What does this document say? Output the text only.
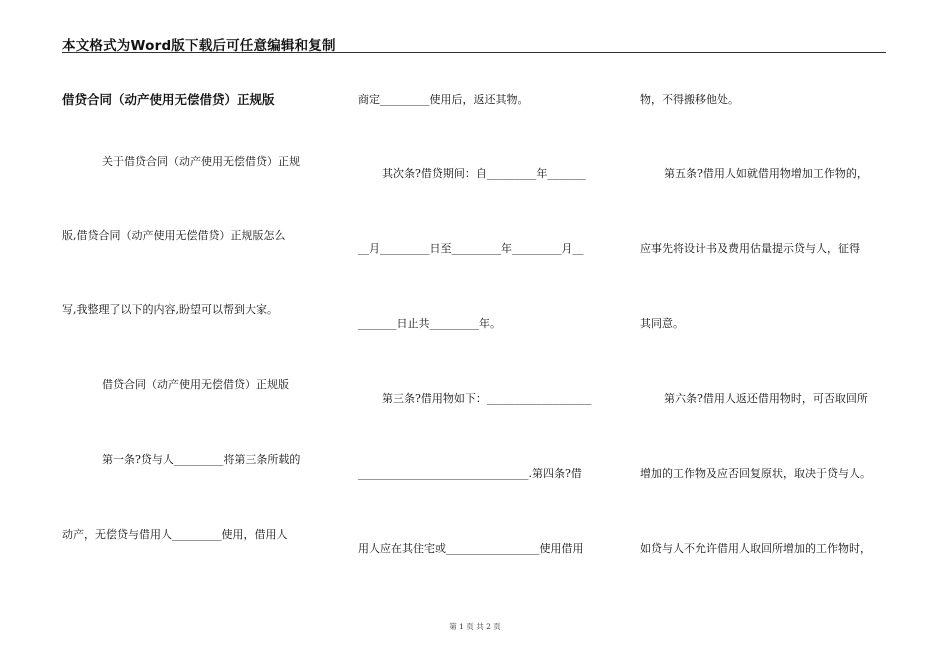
本文格式为Word版下载后可任意编辑和复制
借贷合同（动产使用无偿借贷）正规版
关于借贷合同（动产使用无偿借贷）正规
版,借贷合同（动产使用无偿借贷）正规版怎么
写,我整理了以下的内容,盼望可以帮到大家。
借贷合同（动产使用无偿借贷）正规版
第一条?贷与人_________将第三条所载的
动产，无偿贷与借用人_________使用，借用人
商定_________使用后，返还其物。
其次条?借贷期间：自_________年_______
__月_________日至_________年_________月__
_______日止共_________年。
第三条?借用物如下：___________________
_______________________________.第四条?借
用人应在其住宅或_________________使用借用
物，不得搬移他处。
第五条?借用人如就借用物增加工作物的，
应事先将设计书及费用估量提示贷与人，征得
其同意。
第六条?借用人返还借用物时，可否取回所
增加的工作物及应否回复原状，取决于贷与人。
如贷与人不允许借用人取回所增加的工作物时，
第 1 页 共 2 页
